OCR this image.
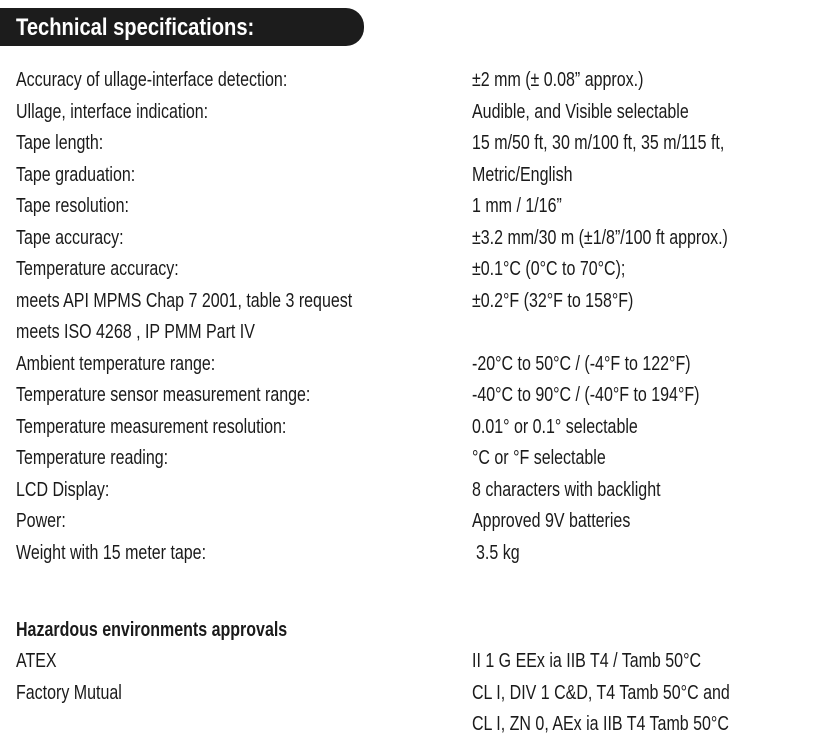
Technical specifications:
Accuracy of ullage-interface detection:	±2 mm (± 0.08” approx.)
Ullage, interface indication:	Audible, and Visible selectable
Tape length:	15 m/50 ft, 30 m/100 ft, 35 m/115 ft,
Tape graduation:	Metric/English
Tape resolution:	1 mm / 1/16”
Tape accuracy:	±3.2 mm/30 m (±1/8”/100 ft approx.)
Temperature accuracy:	±0.1°C (0°C to 70°C);
meets API MPMS Chap 7 2001, table 3 request	±0.2°F (32°F to 158°F)
meets ISO 4268 , IP PMM Part IV
Ambient temperature range:	-20°C to 50°C / (-4°F to 122°F)
Temperature sensor measurement range:	-40°C to 90°C / (-40°F to 194°F)
Temperature measurement resolution:	0.01° or 0.1° selectable
Temperature reading:	°C or °F selectable
LCD Display:	8 characters with backlight
Power:	Approved 9V batteries
Weight with 15 meter tape:	3.5 kg
Hazardous environments approvals
ATEX	II 1 G EEx ia IIB T4 / Tamb 50°C
Factory Mutual	CL I, DIV 1 C&D, T4 Tamb 50°C and
CL I, ZN 0, AEx ia IIB T4 Tamb 50°C
